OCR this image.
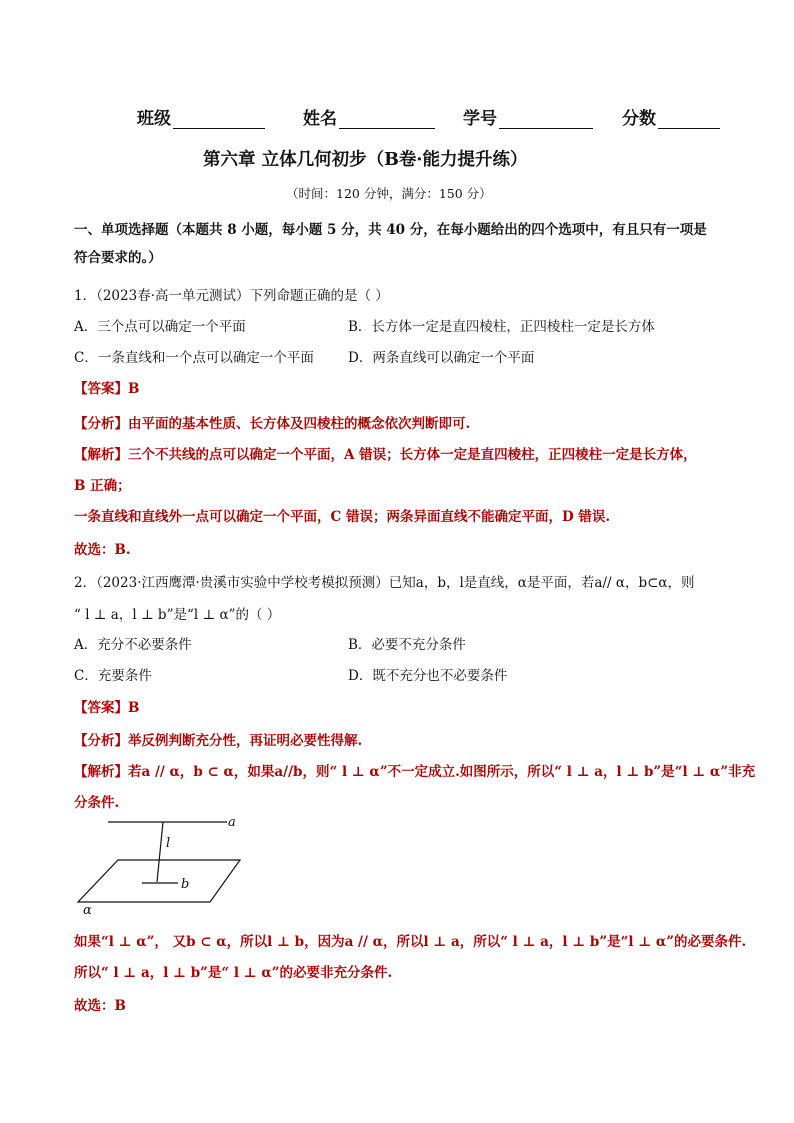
班级	姓名	学号	分数
第六章 立体几何初步（B卷·能力提升练）
（时间：120 分钟，满分：150 分）
一、单项选择题（本题共 8 小题，每小题 5 分，共 40 分，在每小题给出的四个选项中，有且只有一项是
符合要求的。）
1．（2023春·高一单元测试）下列命题正确的是（ ）
A．三个点可以确定一个平面	B．长方体一定是直四棱柱，正四棱柱一定是长方体
C．一条直线和一个点可以确定一个平面	D．两条直线可以确定一个平面
【答案】B
【分析】由平面的基本性质、长方体及四棱柱的概念依次判断即可.
【解析】三个不共线的点可以确定一个平面，A 错误；长方体一定是直四棱柱，正四棱柱一定是长方体，
B 正确；
一条直线和直线外一点可以确定一个平面，C 错误；两条异面直线不能确定平面，D 错误.
故选：B.
2．（2023·江西鹰潭·贵溪市实验中学校考模拟预测）已知a，b，l是直线，α是平面，若a// α，b⊂α，则
“ l ⊥ a，l ⊥ b”是“l ⊥ α”的（ ）
A．充分不必要条件	B．必要不充分条件
C．充要条件	D．既不充分也不必要条件
【答案】B
【分析】举反例判断充分性，再证明必要性得解.
【解析】若a // α，b ⊂ α，如果a//b，则“ l ⊥ α”不一定成立.如图所示，所以“ l ⊥ a，l ⊥ b”是“l ⊥ α”非充
分条件.
a
l
b
α
如果“l ⊥ α”， 又b ⊂ α，所以l ⊥ b，因为a // α，所以l ⊥ a，所以“ l ⊥ a，l ⊥ b”是“l ⊥ α”的必要条件.
所以“ l ⊥ a，l ⊥ b”是“ l ⊥ α”的必要非充分条件.
故选：B
